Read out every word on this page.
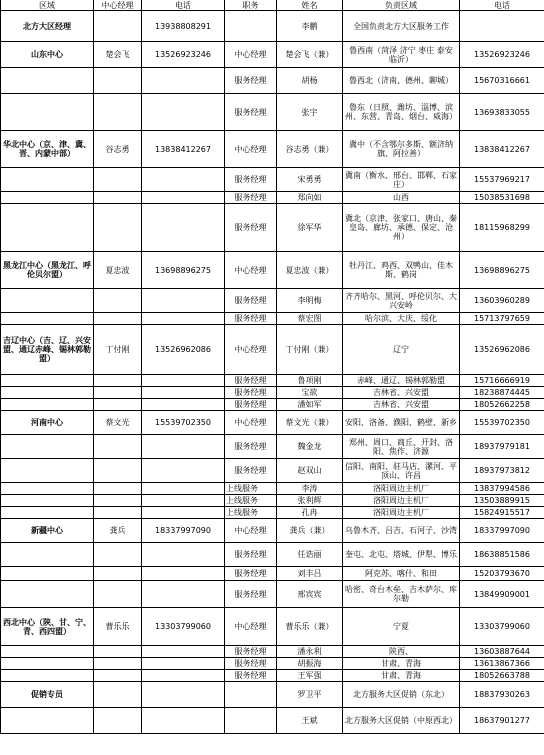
区域	中心经理	电话	职务	姓名	负责区域	电话
北方大区经理		13938808291		李鹏	全国负责北方大区服务工作	
山东中心	楚会飞	13526923246	中心经理	楚会飞（兼）	鲁西南（菏泽 济宁 枣庄 泰安 临沂）	13526923246
			服务经理	胡杨	鲁西北（济南、德州、聊城）	15670316661
			服务经理	张宇	鲁东（日照、潍坊、淄博、滨州、东营、青岛、烟台、威海）	13693833055
华北中心（京、津、冀、晋、内蒙中部）	谷志勇	13838412267	中心经理	谷志勇（兼）	冀中（不含鄂尔多斯、额济纳旗、阿拉善）	13838412267
			服务经理	宋勇勇	冀南（衡水、邢台、邯郸、石家庄）	15537969217
			服务经理	郑向如	山西	15038531698
			服务经理	徐军华	冀北（京津、张家口、唐山、秦皇岛、廊坊、承德、保定、沧州）	18115968299
黑龙江中心（黑龙江、呼伦贝尔盟）	夏忠波	13698896275	中心经理	夏忠波（兼）	牡丹江、鸡西、双鸭山、佳木斯、鹤岗	13698896275
			服务经理	李明梅	齐齐哈尔、黑河、呼伦贝尔、大兴安岭	13603960289
			服务经理	蔡宏图	哈尔滨、大庆、绥化	15713797659
吉辽中心（吉、辽、兴安盟、通辽赤峰、锡林郭勒盟）	丁付刚	13526962086	中心经理	丁付刚（兼）	辽宁	13526962086
			服务经理	鲁项刚	赤峰、通辽、锡林郭勒盟	15716666919
			服务经理	宝欲	吉林省、兴安盟	18238874445
			服务经理	潘如军	吉林省、兴安盟	18052662258
河南中心	蔡文光	15539702350	中心经理	蔡文光（兼）	安阳、洛备、濮阳、鹤壁、新乡	15539702350
			服务经理	魏金龙	郑州、周口、商丘、开封、洛阳、焦作、济源	18937979181
			服务经理	赵双山	信阳、南阳、驻马店、漯河、平顶山、许昌	18937973812
			上线服务	李涛	洛阳周边主机厂	13837994586
			上线服务	张利辉	洛阳周边主机厂	13503889915
			上线服务	孔冉	洛阳周边主机厂	15824915517
新疆中心	龚兵	18337997090	中心经理	龚兵（兼）	乌鲁木齐、吕吉、石河子、沙湾	18337997090
			服务经理	任诰丽	奎屯、北屯、塔城、伊犁、博乐	18638851586
			服务经理	刘丰吕	阿克苏、喀什、和田	15203793670
			服务经理	邢宾宾	哈密、奇台木垒、吉木萨尔、库尔勒	13849909001
西北中心（陕、甘、宁、青、西四盟）	曹乐乐	13303799060	中心经理	曹乐乐（兼）	宁夏	13303799060
			服务经理	潘永利	陕西、	13603887644
			服务经理	胡振海	甘肃、青海	13613867366
			服务经理	王军强	甘肃、青海	18052663788
促销专员				罗卫平	北方服务大区促销（东北）	18837930263
				王斌	北方服务大区促销（中原西北）	18637901277
